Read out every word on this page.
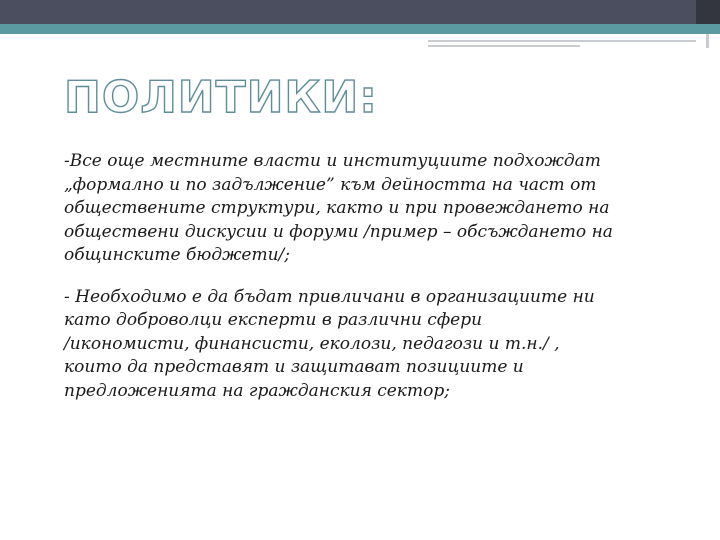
ПОЛИТИКИ:

-Все още местните власти и институциите подхождат
„формално и по задължение” към дейността на част от
обществените структури, както и при провеждането на
обществени дискусии и форуми /пример – обсъждането на
общинските бюджети/;

- Необходимо е да бъдат привличани в организациите ни
като доброволци експерти в различни сфери
/икономисти, финансисти, еколози, педагози и т.н./ ,
които да представят и защитават позициите и
предложенията на гражданския сектор;
